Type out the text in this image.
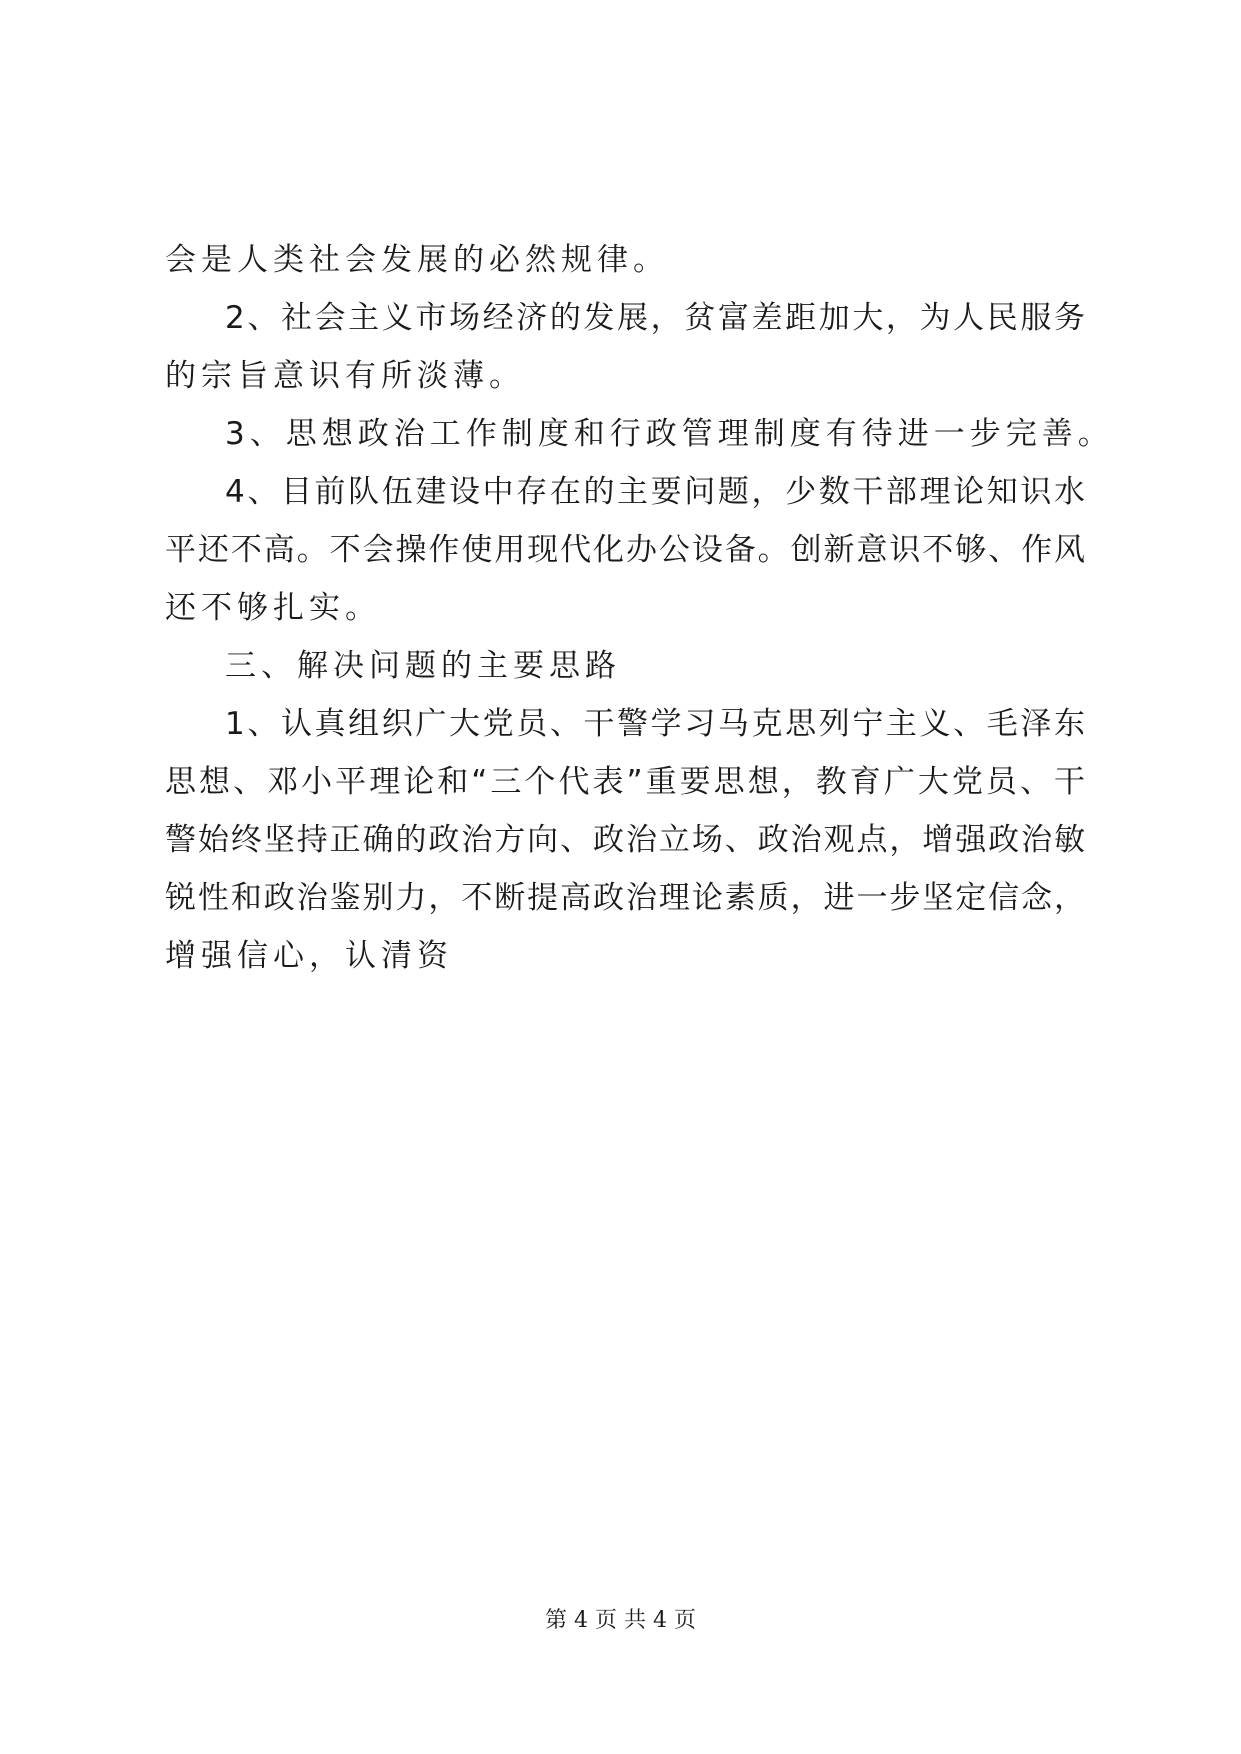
会是人类社会发展的必然规律。
2、社会主义市场经济的发展，贫富差距加大，为人民服务
的宗旨意识有所淡薄。
3、思想政治工作制度和行政管理制度有待进一步完善。
4、目前队伍建设中存在的主要问题，少数干部理论知识水
平还不高。不会操作使用现代化办公设备。创新意识不够、作风
还不够扎实。
三、解决问题的主要思路
1、认真组织广大党员、干警学习马克思列宁主义、毛泽东
思想、邓小平理论和“三个代表”重要思想，教育广大党员、干
警始终坚持正确的政治方向、政治立场、政治观点，增强政治敏
锐性和政治鉴别力，不断提高政治理论素质，进一步坚定信念，
增强信心，认清资
第 4 页 共 4 页
